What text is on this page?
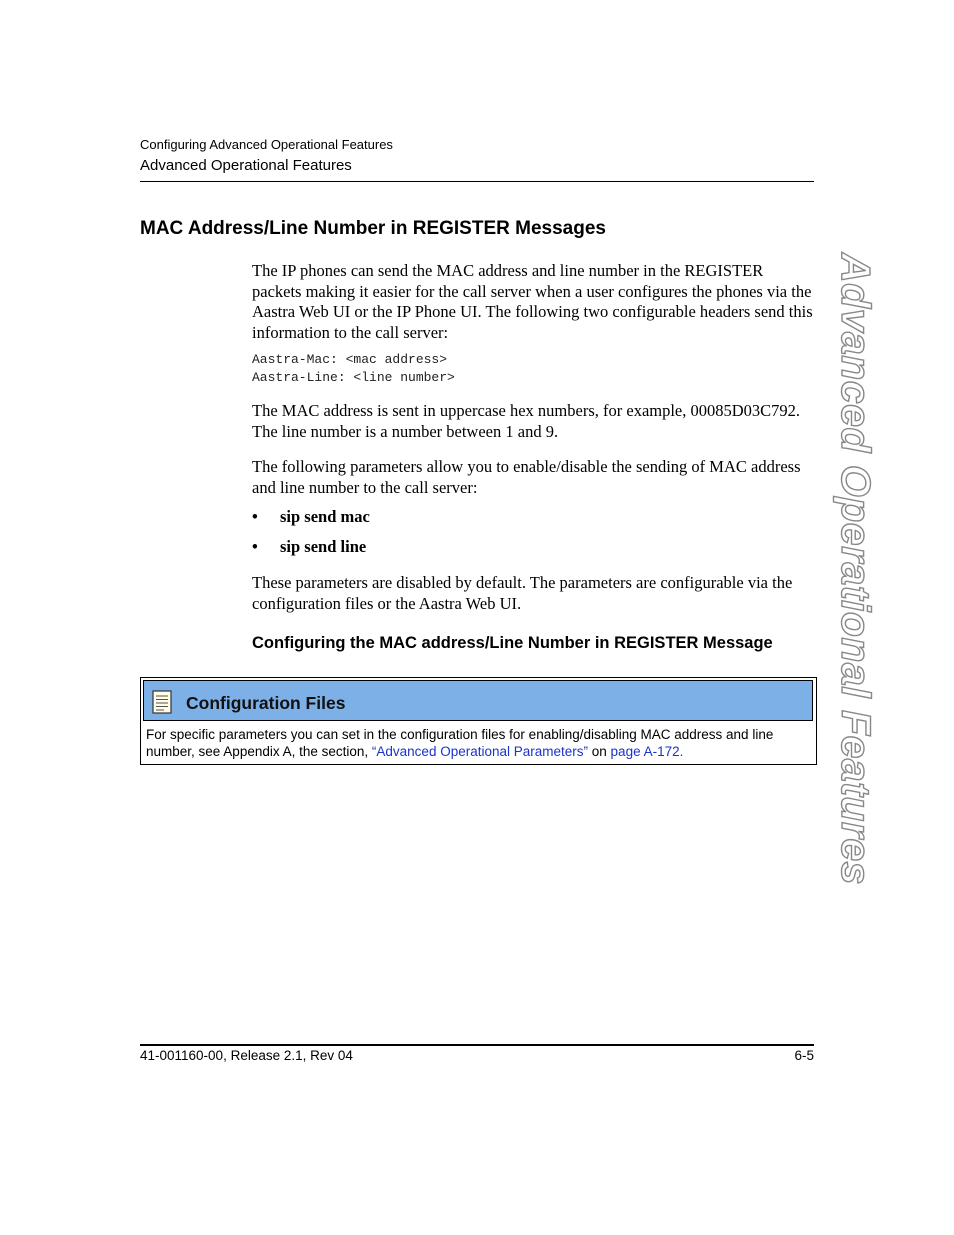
Configuring Advanced Operational Features
Advanced Operational Features
Advanced Operational Features
MAC Address/Line Number in REGISTER Messages
The IP phones can send the MAC address and line number in the REGISTER packets making it easier for the call server when a user configures the phones via the Aastra Web UI or the IP Phone UI. The following two configurable headers send this information to the call server:
Aastra-Mac: <mac address>
Aastra-Line: <line number>
The MAC address is sent in uppercase hex numbers, for example, 00085D03C792. The line number is a number between 1 and 9.
The following parameters allow you to enable/disable the sending of MAC address and line number to the call server:
• sip send mac
• sip send line
These parameters are disabled by default. The parameters are configurable via the configuration files or the Aastra Web UI.
Configuring the MAC address/Line Number in REGISTER Message
Configuration Files
For specific parameters you can set in the configuration files for enabling/disabling MAC address and line number, see Appendix A, the section, “Advanced Operational Parameters” on page A-172.
41-001160-00, Release 2.1, Rev 04	6-5
